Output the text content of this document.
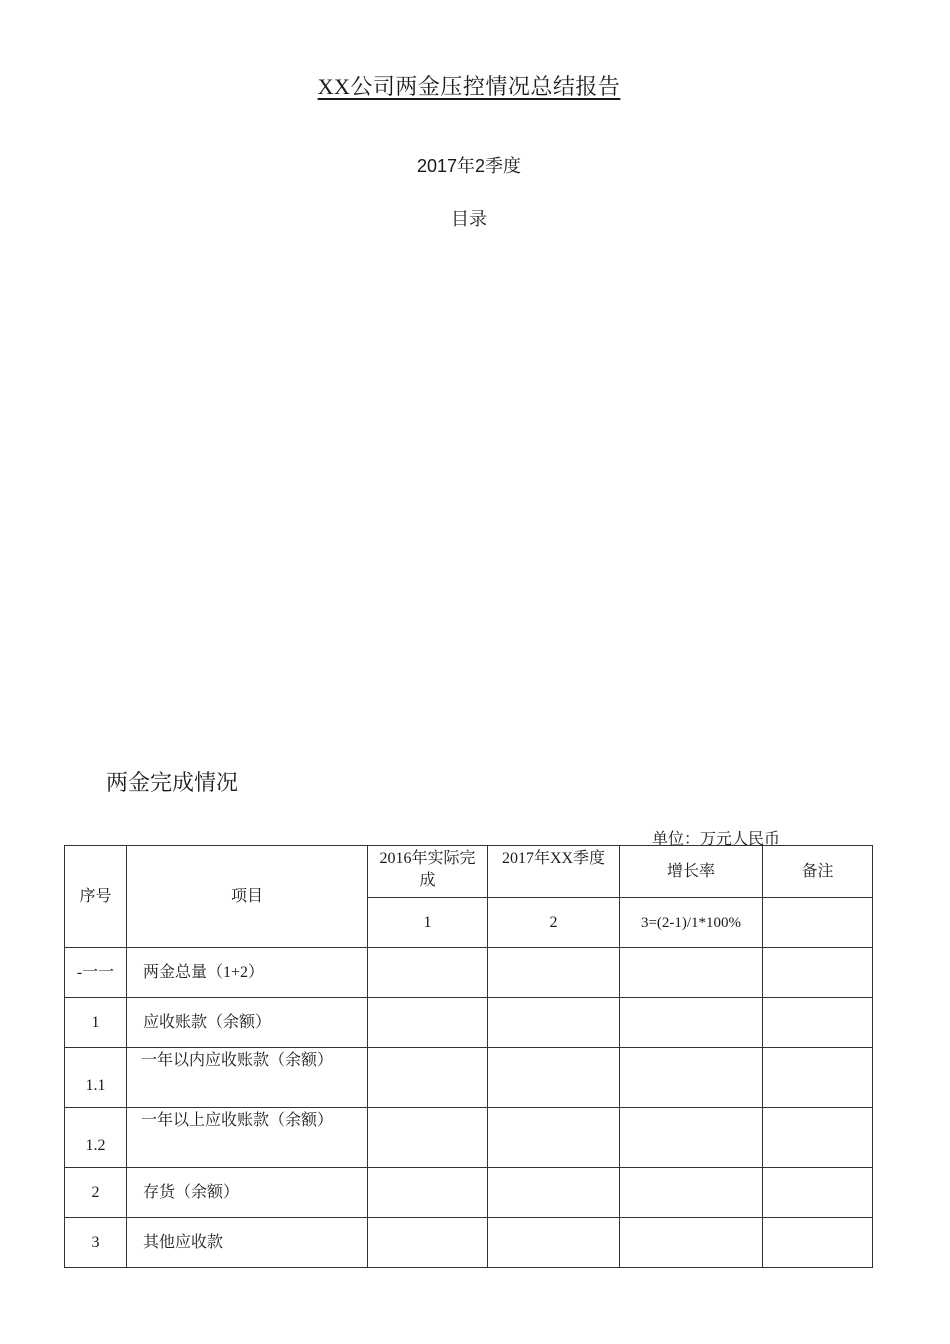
XX公司两金压控情况总结报告
2017年2季度
目录
两金完成情况
单位：万元人民币
序号	项目	2016年实际完成	2017年XX季度	增长率	备注
		1	2	3=(2-1)/1*100%	
-一一	两金总量（1+2）				
1	应收账款（余额）				
1.1	一年以内应收账款（余额）				
1.2	一年以上应收账款（余额）				
2	存货（余额）				
3	其他应收款				
